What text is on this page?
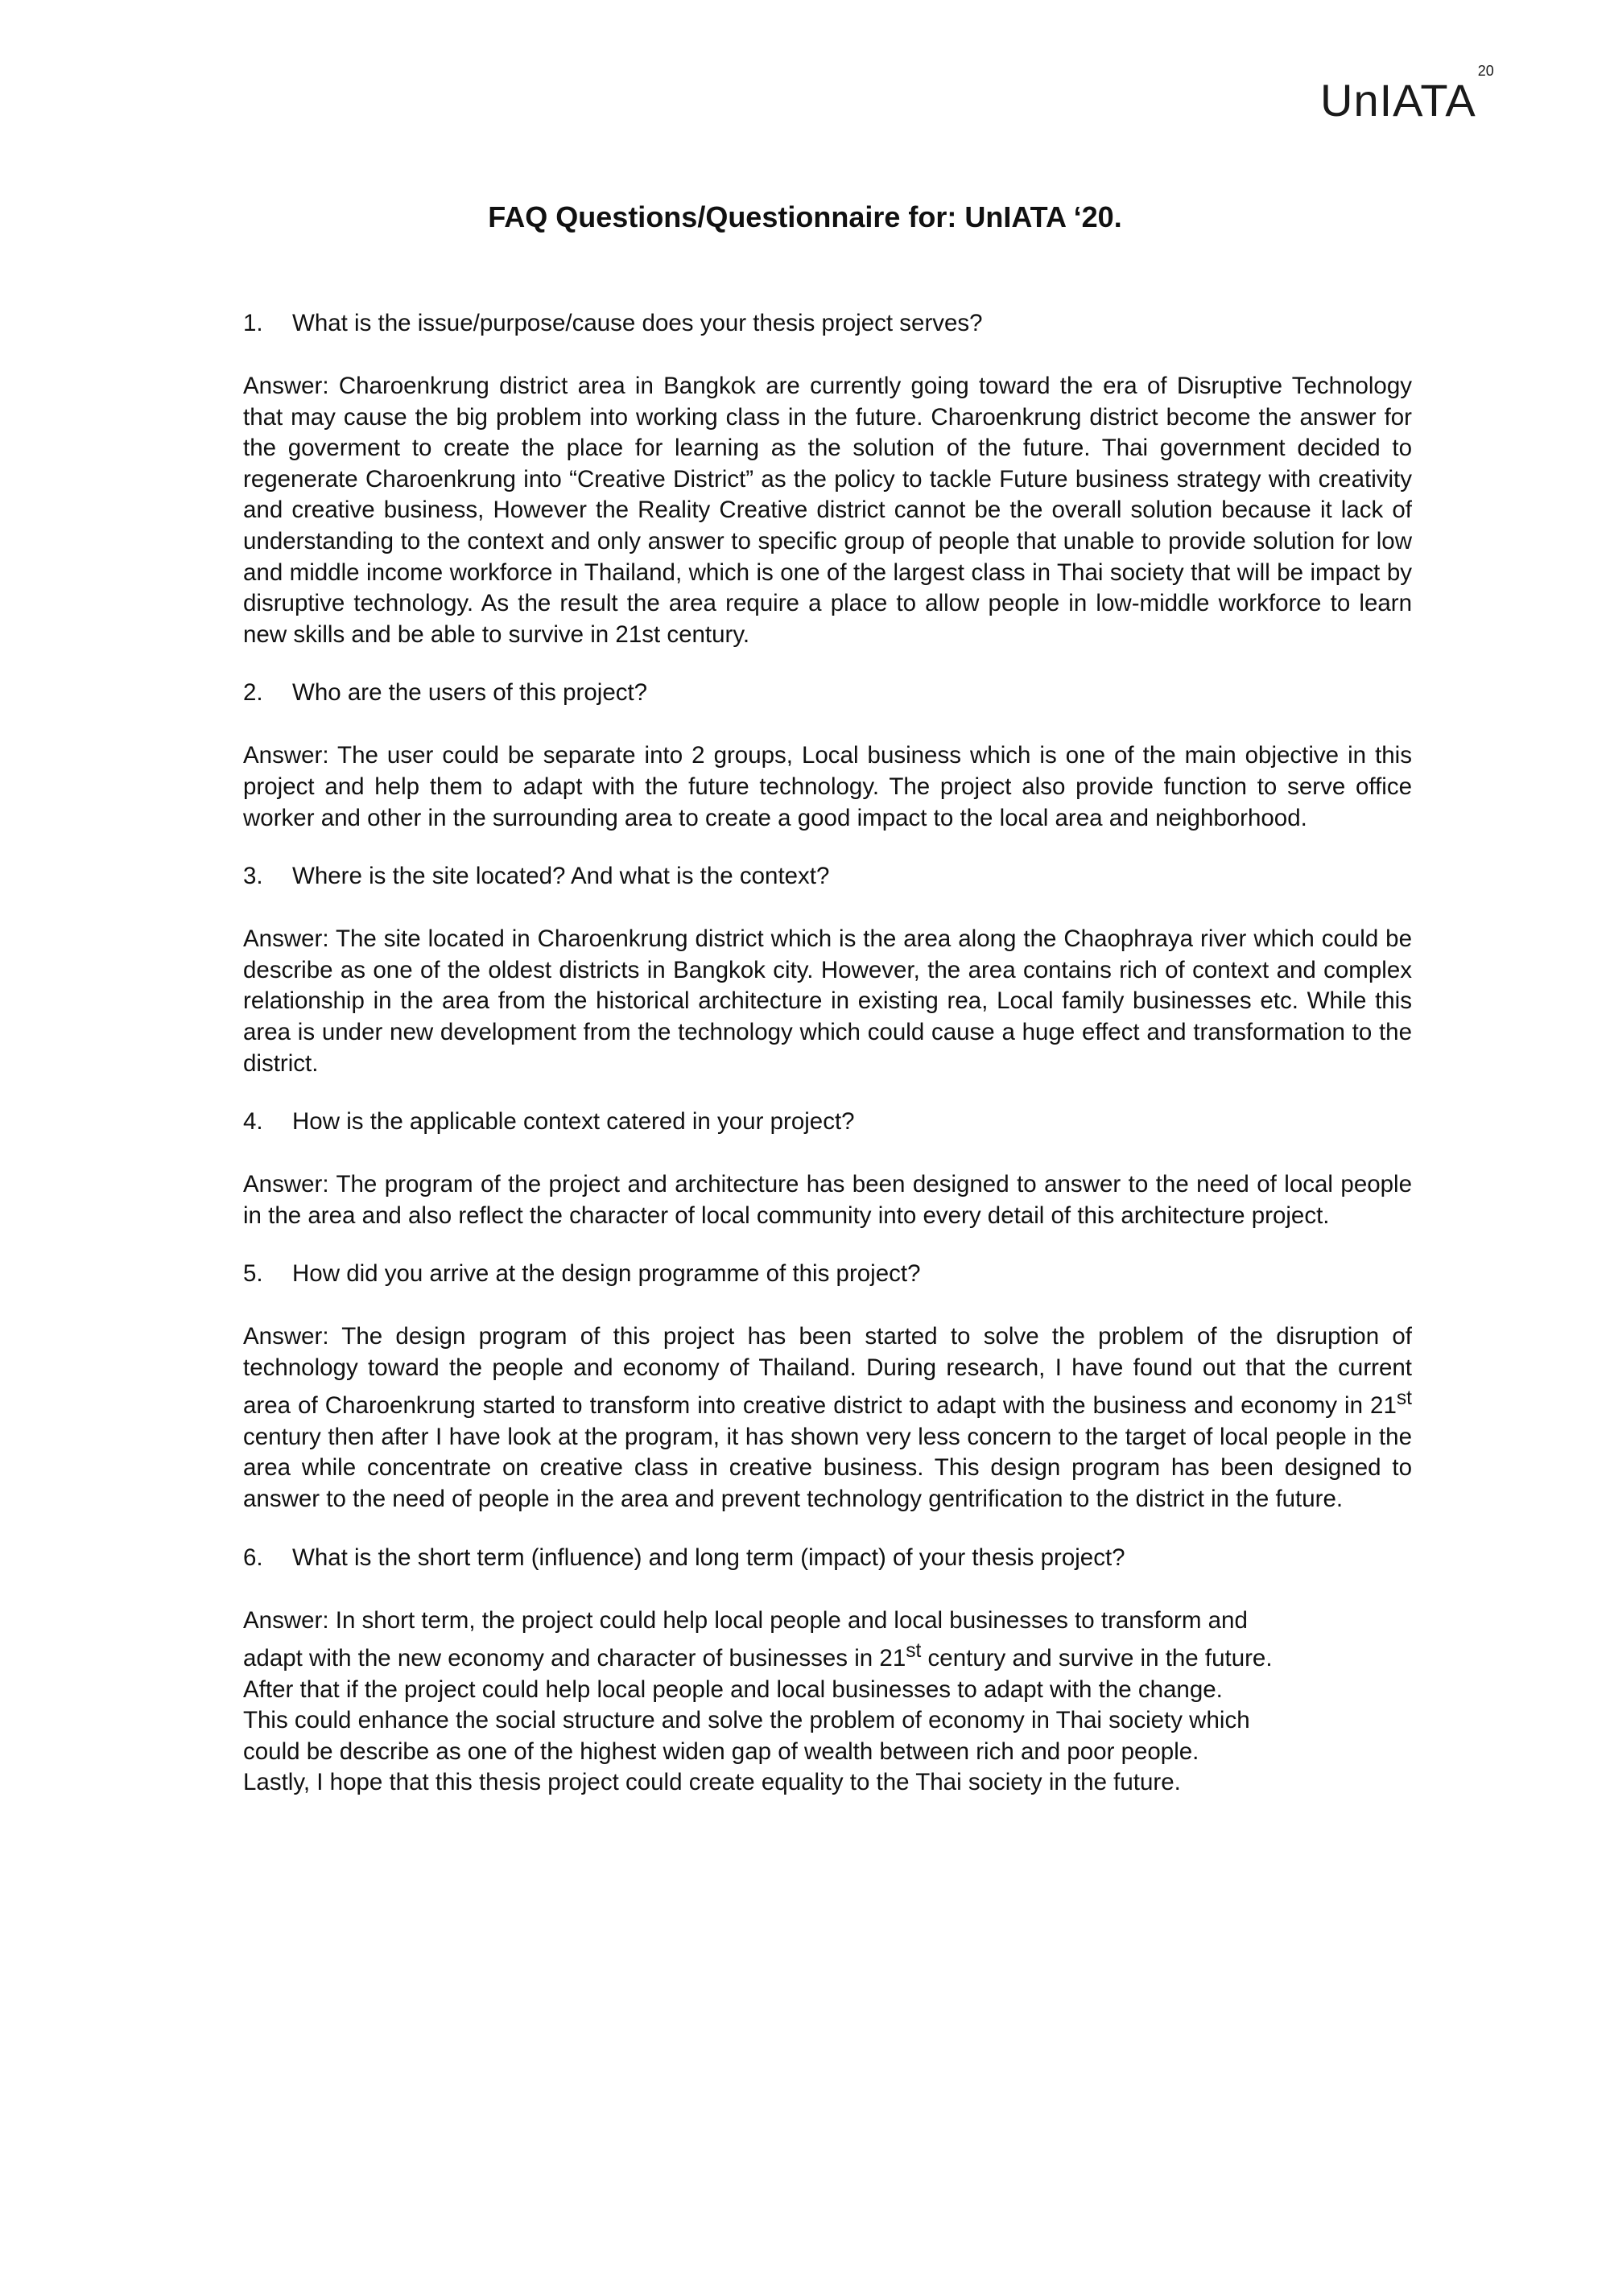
UnIATA$^{20}$
FAQ Questions/Questionnaire for: UnIATA ‘20.
1.	What is the issue/purpose/cause does your thesis project serves?

Answer: Charoenkrung district area in Bangkok are currently going toward the era of Disruptive Technology that may cause the big problem into working class in the future. Charoenkrung district become the answer for the goverment to create the place for learning as the solution of the future. Thai government decided to regenerate Charoenkrung into “Creative District” as the policy to tackle Future business strategy with creativity and creative business, However the Reality Creative district cannot be the overall solution because it lack of understanding to the context and only answer to specific group of people that unable to provide solution for low and middle income workforce in Thailand, which is one of the largest class in Thai society that will be impact by disruptive technology. As the result the area require a place to allow people in low-middle workforce to learn new skills and be able to survive in 21st century.

2.	Who are the users of this project?

Answer: The user could be separate into 2 groups, Local business which is one of the main objective in this project and help them to adapt with the future technology. The project also provide function to serve office worker and other in the surrounding area to create a good impact to the local area and neighborhood.

3.	Where is the site located? And what is the context?

Answer: The site located in Charoenkrung district which is the area along the Chaophraya river which could be describe as one of the oldest districts in Bangkok city. However, the area contains rich of context and complex relationship in the area from the historical architecture in existing rea, Local family businesses etc. While this area is under new development from the technology which could cause a huge effect and transformation to the district.

4.	How is the applicable context catered in your project?

Answer: The program of the project and architecture has been designed to answer to the need of local people in the area and also reflect the character of local community into every detail of this architecture project.

5.	How did you arrive at the design programme of this project?

Answer: The design program of this project has been started to solve the problem of the disruption of technology toward the people and economy of Thailand. During research, I have found out that the current area of Charoenkrung started to transform into creative district to adapt with the business and economy in 21st century then after I have look at the program, it has shown very less concern to the target of local people in the area while concentrate on creative class in creative business. This design program has been designed to answer to the need of people in the area and prevent technology gentrification to the district in the future.

6.	What is the short term (influence) and long term (impact) of your thesis project?

Answer: In short term, the project could help local people and local businesses to transform and
adapt with the new economy and character of businesses in 21st century and survive in the future.
After that if the project could help local people and local businesses to adapt with the change.
This could enhance the social structure and solve the problem of economy in Thai society which
could be describe as one of the highest widen gap of wealth between rich and poor people.
Lastly, I hope that this thesis project could create equality to the Thai society in the future.
